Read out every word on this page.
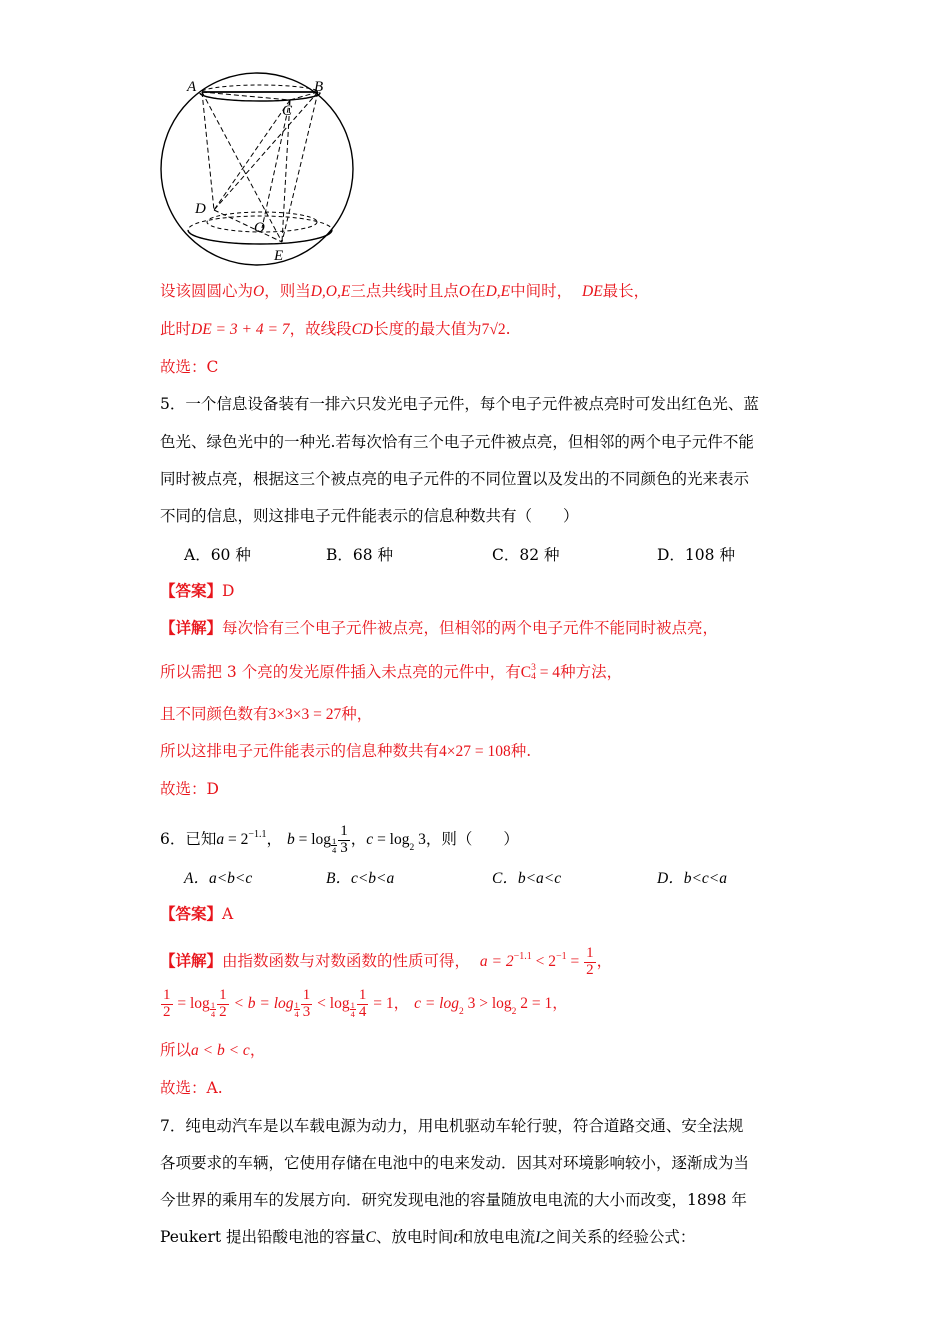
A	B
C
D
O
E
设该圆圆心为O，则当D,O,E三点共线时且点O在D,E中间时， DE最长，
此时DE = 3 + 4 = 7，故线段CD长度的最大值为7√2.
故选：C
5．一个信息设备装有一排六只发光电子元件，每个电子元件被点亮时可发出红色光、蓝
色光、绿色光中的一种光.若每次恰有三个电子元件被点亮，但相邻的两个电子元件不能
同时被点亮，根据这三个被点亮的电子元件的不同位置以及发出的不同颜色的光来表示
不同的信息，则这排电子元件能表示的信息种数共有（　　）
A．60 种	B．68 种	C．82 种	D．108 种
【答案】D
【详解】每次恰有三个电子元件被点亮，但相邻的两个电子元件不能同时被点亮，
所以需把 3 个亮的发光原件插入未点亮的元件中，有C 3
4 = 4种方法，
且不同颜色数有3×3×3 = 27种，
所以这排电子元件能表示的信息种数共有4×27 = 108种.
故选：D
6．已知$a = 2^{-1.1}$， $b = \log \frac{1}{4} \frac{1}{3}$ ，$c = \log_2 3$，则（　　）
A．a<b<c	B．c<b<a	C．b<a<c	D．b<c<a
【答案】A
【详解】由指数函数与对数函数的性质可得， $a = 2^{-1.1} < 2^{-1} = \frac{1}{2}$ ，
$\frac{1}{2} = \log \frac{1}{4} \frac{1}{2} < b = \log \frac{1}{4} \frac{1}{3} < \log \frac{1}{4} \frac{1}{4} = 1$， $c = \log_2 3 > \log_2 2 = 1$，
所以a < b < c，
故选：A.
7．纯电动汽车是以车载电源为动力，用电机驱动车轮行驶，符合道路交通、安全法规
各项要求的车辆，它使用存储在电池中的电来发动．因其对环境影响较小，逐渐成为当
今世界的乘用车的发展方向．研究发现电池的容量随放电电流的大小而改变，1898 年
Peukert 提出铅酸电池的容量C、放电时间t和放电电流I之间关系的经验公式：
